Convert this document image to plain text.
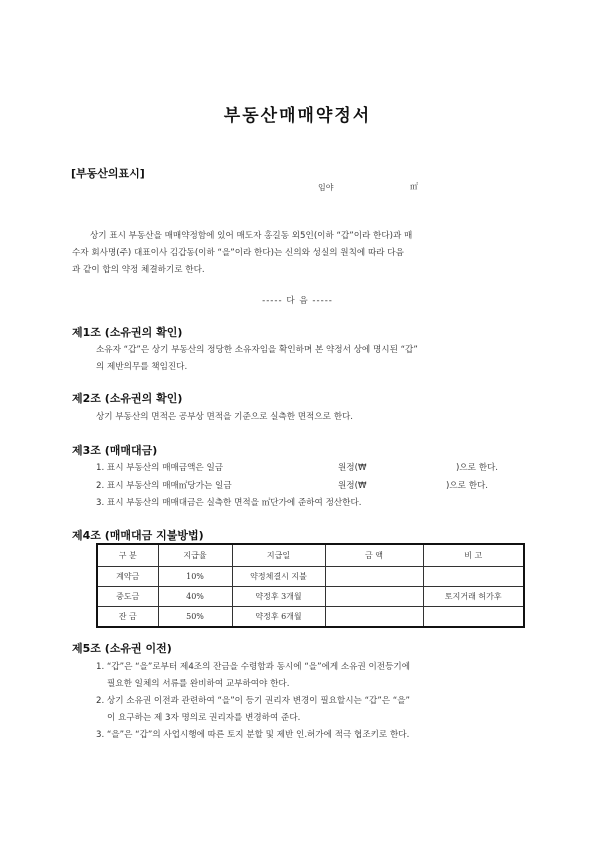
부동산매매약정서
[부동산의표시]
임야	㎡
상기 표시 부동산을 매매약정함에 있어 매도자 홍길동 외5인(이하 “갑”이라 한다)과 매
수자 회사명(주) 대표이사 김갑동(이하 “을”이라 한다)는 신의와 성실의 원칙에 따라 다음
과 같이 합의 약정 체결하기로 한다.
----- 다 음 -----
제1조 (소유권의 확인)
소유자 “갑”은 상기 부동산의 정당한 소유자임을 확인하며 본 약정서 상에 명시된 “갑”
의 제반의무를 책임진다.
제2조 (소유권의 확인)
상기 부동산의 면적은 공부상 면적을 기준으로 실측한 면적으로 한다.
제3조 (매매대금)
1. 표시 부동산의 매매금액은 일금	원정(₩	)으로 한다.
2. 표시 부동산의 매매㎡당가는 일금	원정(₩	)으로 한다.
3. 표시 부동산의 매매대금은 실측한 면적을 ㎡단가에 준하여 정산한다.
제4조 (매매대금 지불방법)
구 분	지급율	지급일	금 액	비 고
계약금	10%	약정체결시 지불		
중도금	40%	약정후 3개월		토지거래 허가후
잔 금	50%	약정후 6개월		
제5조 (소유권 이전)
1. “갑”은 “을”로부터 제4조의 잔금을 수령함과 동시에 “을”에게 소유권 이전등기에
필요한 일체의 서류를 완비하여 교부하여야 한다.
2. 상기 소유권 이전과 관련하여 “을”이 등기 권리자 변경이 필요할시는 “갑”은 “을”
이 요구하는 제 3자 명의로 권리자를 변경하여 준다.
3. “을”은 “갑”의 사업시행에 따른 토지 분할 및 제반 인.허가에 적극 협조키로 한다.
